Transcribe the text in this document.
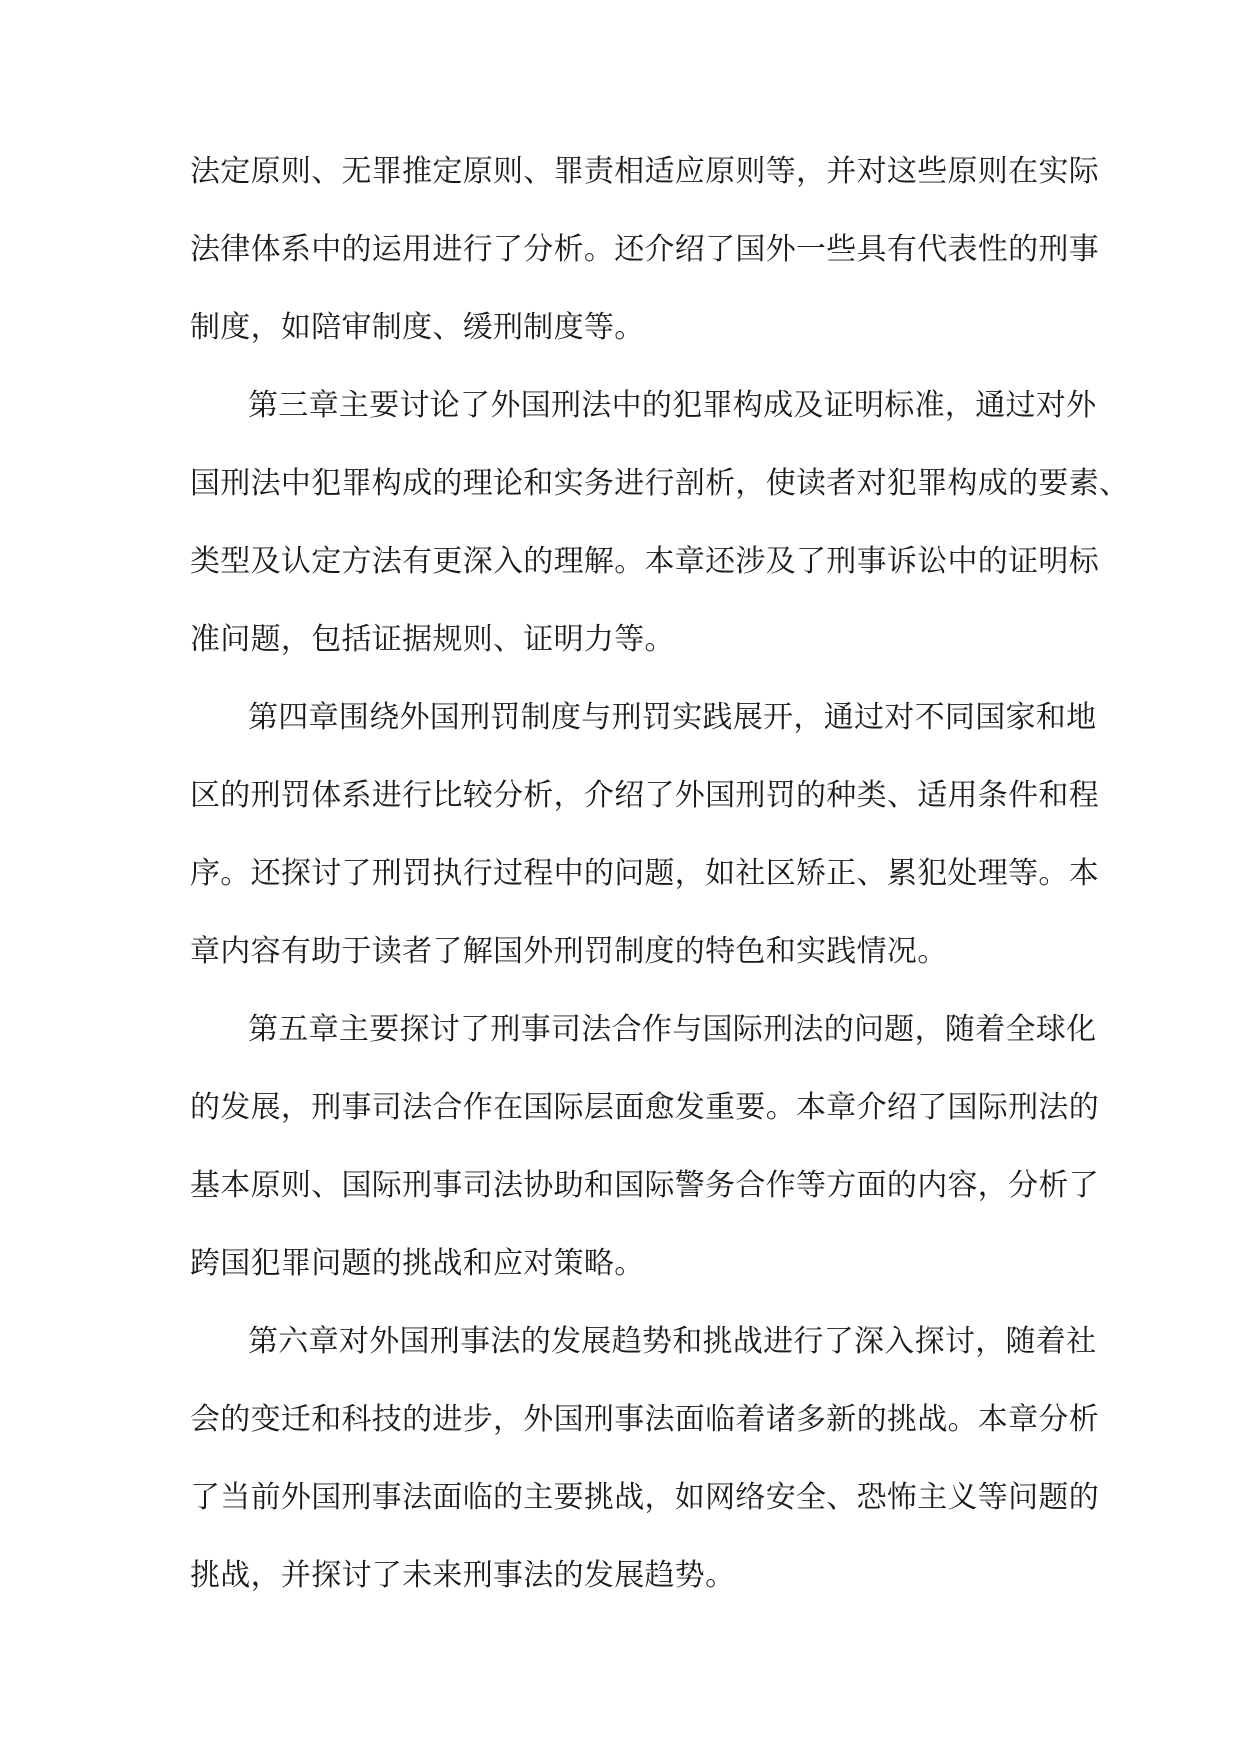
法定原则、无罪推定原则、罪责相适应原则等，并对这些原则在实际
法律体系中的运用进行了分析。还介绍了国外一些具有代表性的刑事
制度，如陪审制度、缓刑制度等。
第三章主要讨论了外国刑法中的犯罪构成及证明标准，通过对外
国刑法中犯罪构成的理论和实务进行剖析，使读者对犯罪构成的要素、
类型及认定方法有更深入的理解。本章还涉及了刑事诉讼中的证明标
准问题，包括证据规则、证明力等。
第四章围绕外国刑罚制度与刑罚实践展开，通过对不同国家和地
区的刑罚体系进行比较分析，介绍了外国刑罚的种类、适用条件和程
序。还探讨了刑罚执行过程中的问题，如社区矫正、累犯处理等。本
章内容有助于读者了解国外刑罚制度的特色和实践情况。
第五章主要探讨了刑事司法合作与国际刑法的问题，随着全球化
的发展，刑事司法合作在国际层面愈发重要。本章介绍了国际刑法的
基本原则、国际刑事司法协助和国际警务合作等方面的内容，分析了
跨国犯罪问题的挑战和应对策略。
第六章对外国刑事法的发展趋势和挑战进行了深入探讨，随着社
会的变迁和科技的进步，外国刑事法面临着诸多新的挑战。本章分析
了当前外国刑事法面临的主要挑战，如网络安全、恐怖主义等问题的
挑战，并探讨了未来刑事法的发展趋势。
